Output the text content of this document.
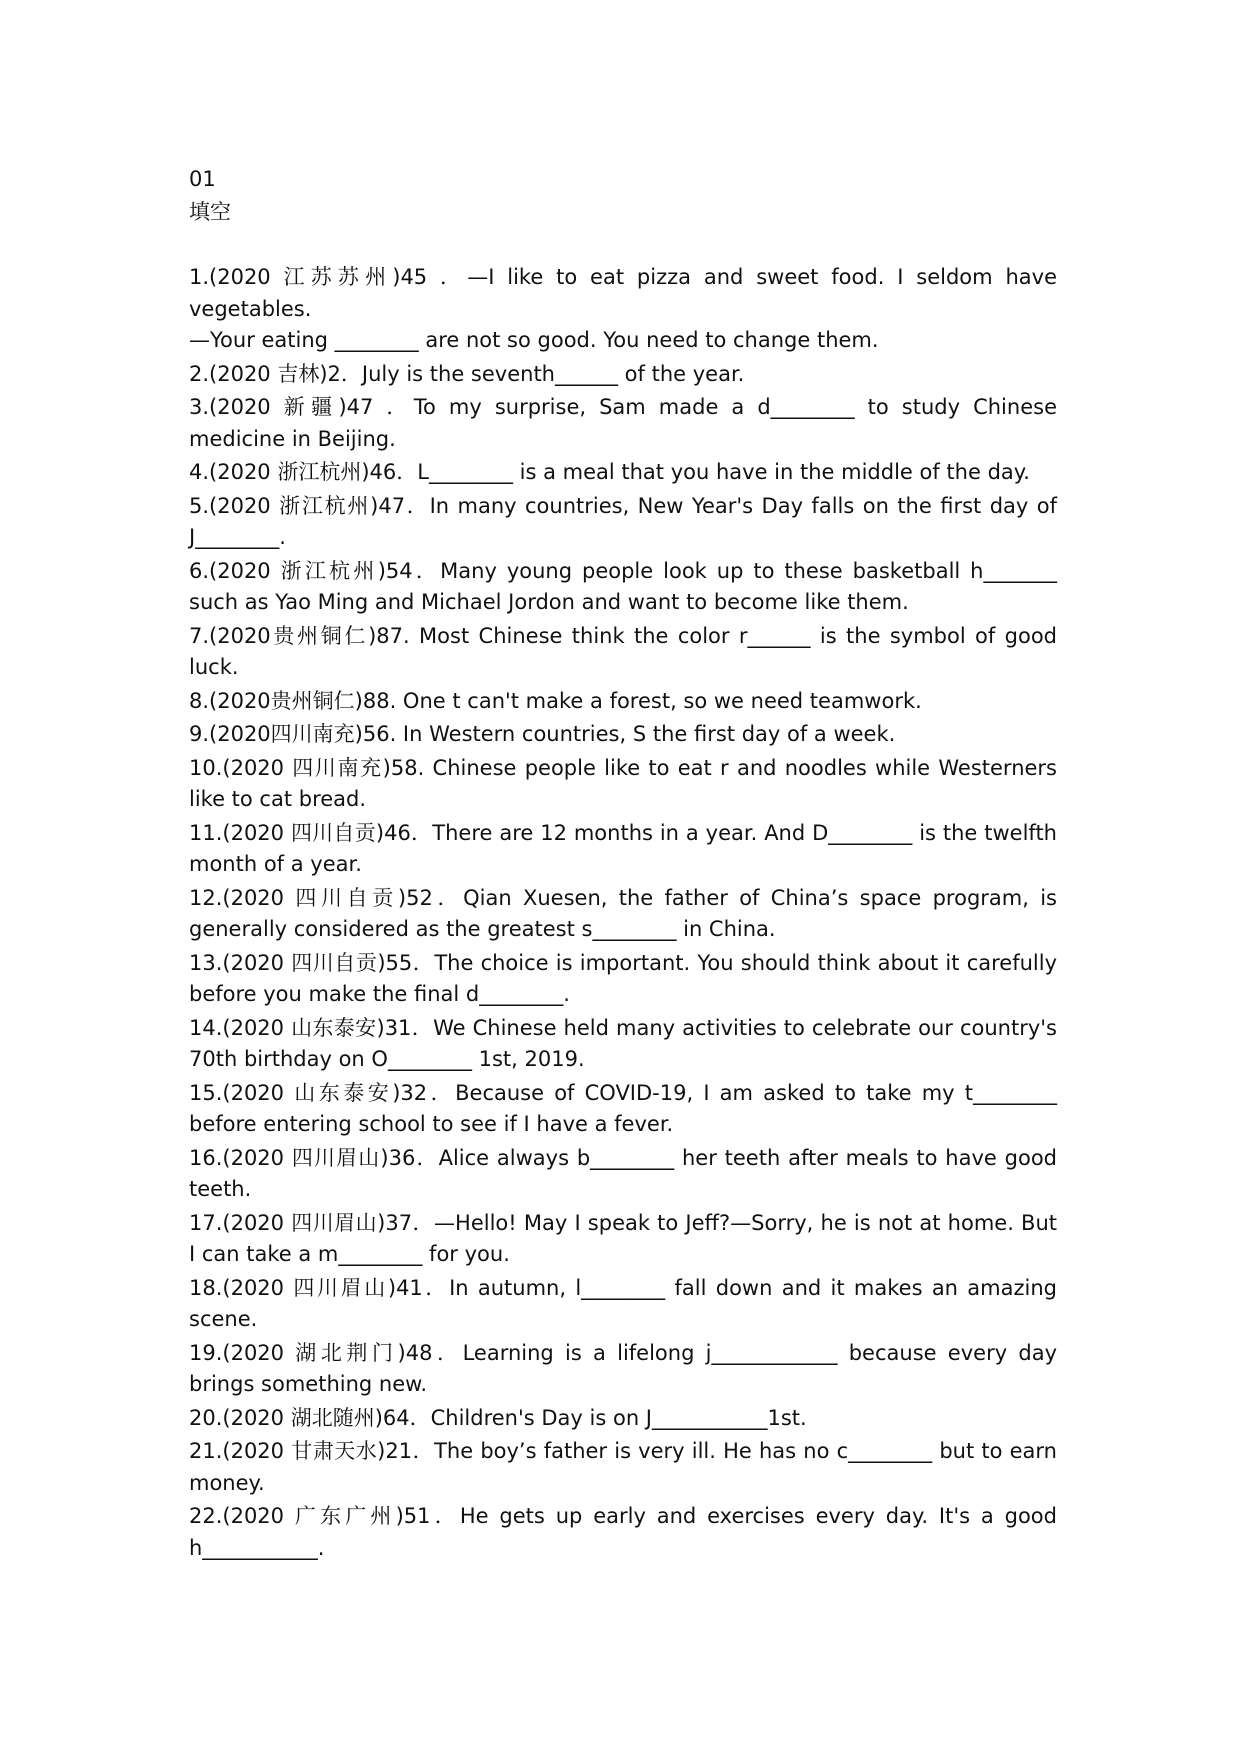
01
填空

1.(2020 江苏苏州)45 ．—I like to eat pizza and sweet food. I seldom have vegetables.

—Your eating ________ are not so good. You need to change them.

2.(2020 吉林)2．July is the seventh______ of the year.

3.(2020 新疆)47 ．To my surprise, Sam made a d________ to study Chinese medicine in Beijing.

4.(2020 浙江杭州)46．L________ is a meal that you have in the middle of the day.

5.(2020 浙江杭州)47．In many countries, New Year's Day falls on the first day of J________.

6.(2020 浙江杭州)54．Many young people look up to these basketball h_______ such as Yao Ming and Michael Jordon and want to become like them.

7.(2020贵州铜仁)87. Most Chinese think the color r______ is the symbol of good luck.

8.(2020贵州铜仁)88. One t can't make a forest, so we need teamwork.

9.(2020四川南充)56. In Western countries, S the first day of a week.

10.(2020 四川南充)58. Chinese people like to eat r and noodles while Westerners like to cat bread.

11.(2020 四川自贡)46．There are 12 months in a year. And D________ is the twelfth month of a year.

12.(2020 四川自贡)52．Qian Xuesen, the father of China’s space program, is generally considered as the greatest s________ in China.

13.(2020 四川自贡)55．The choice is important. You should think about it carefully before you make the final d________.

14.(2020 山东泰安)31．We Chinese held many activities to celebrate our country's 70th birthday on O________ 1st, 2019.

15.(2020 山东泰安)32．Because of COVID-19, I am asked to take my t________ before entering school to see if I have a fever.

16.(2020 四川眉山)36．Alice always b________ her teeth after meals to have good teeth.

17.(2020 四川眉山)37．—Hello! May I speak to Jeff?—Sorry, he is not at home. But I can take a m________ for you.

18.(2020 四川眉山)41．In autumn, l________ fall down and it makes an amazing scene.

19.(2020 湖北荆门)48．Learning is a lifelong j____________ because every day brings something new.

20.(2020 湖北随州)64．Children's Day is on J___________1st.

21.(2020 甘肃天水)21．The boy’s father is very ill. He has no c________ but to earn money.

22.(2020 广东广州)51．He gets up early and exercises every day. It's a good h___________.
